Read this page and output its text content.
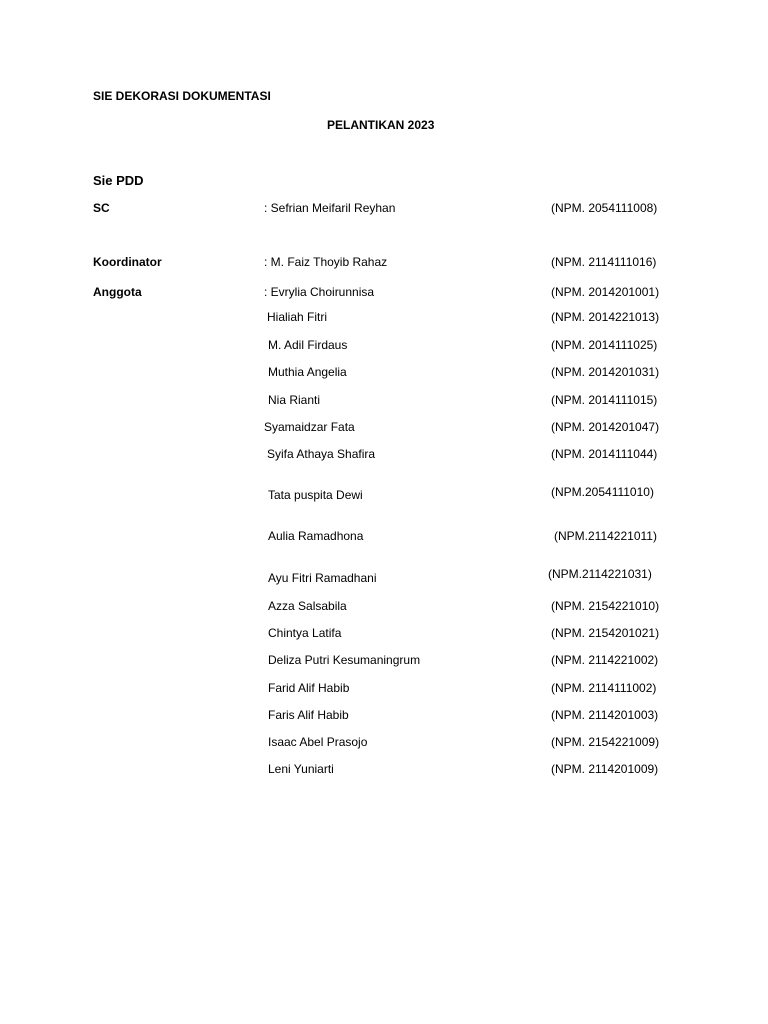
SIE DEKORASI DOKUMENTASI
PELANTIKAN 2023
Sie PDD
SC	: Sefrian Meifaril Reyhan	(NPM. 2054111008)
Koordinator	: M. Faiz Thoyib Rahaz	(NPM. 2114111016)
Anggota	: Evrylia Choirunnisa	(NPM. 2014201001)
Hialiah Fitri	(NPM. 2014221013)
M. Adil Firdaus	(NPM. 2014111025)
Muthia Angelia	(NPM. 2014201031)
Nia Rianti	(NPM. 2014111015)
Syamaidzar Fata	(NPM. 2014201047)
Syifa Athaya Shafira	(NPM. 2014111044)
Tata puspita Dewi	(NPM.2054111010)
Aulia Ramadhona	(NPM.2114221011)
Ayu Fitri Ramadhani	(NPM.2114221031)
Azza Salsabila	(NPM. 2154221010)
Chintya Latifa	(NPM. 2154201021)
Deliza Putri Kesumaningrum	(NPM. 2114221002)
Farid Alif Habib	(NPM. 2114111002)
Faris Alif Habib	(NPM. 2114201003)
Isaac Abel Prasojo	(NPM. 2154221009)
Leni Yuniarti	(NPM. 2114201009)
